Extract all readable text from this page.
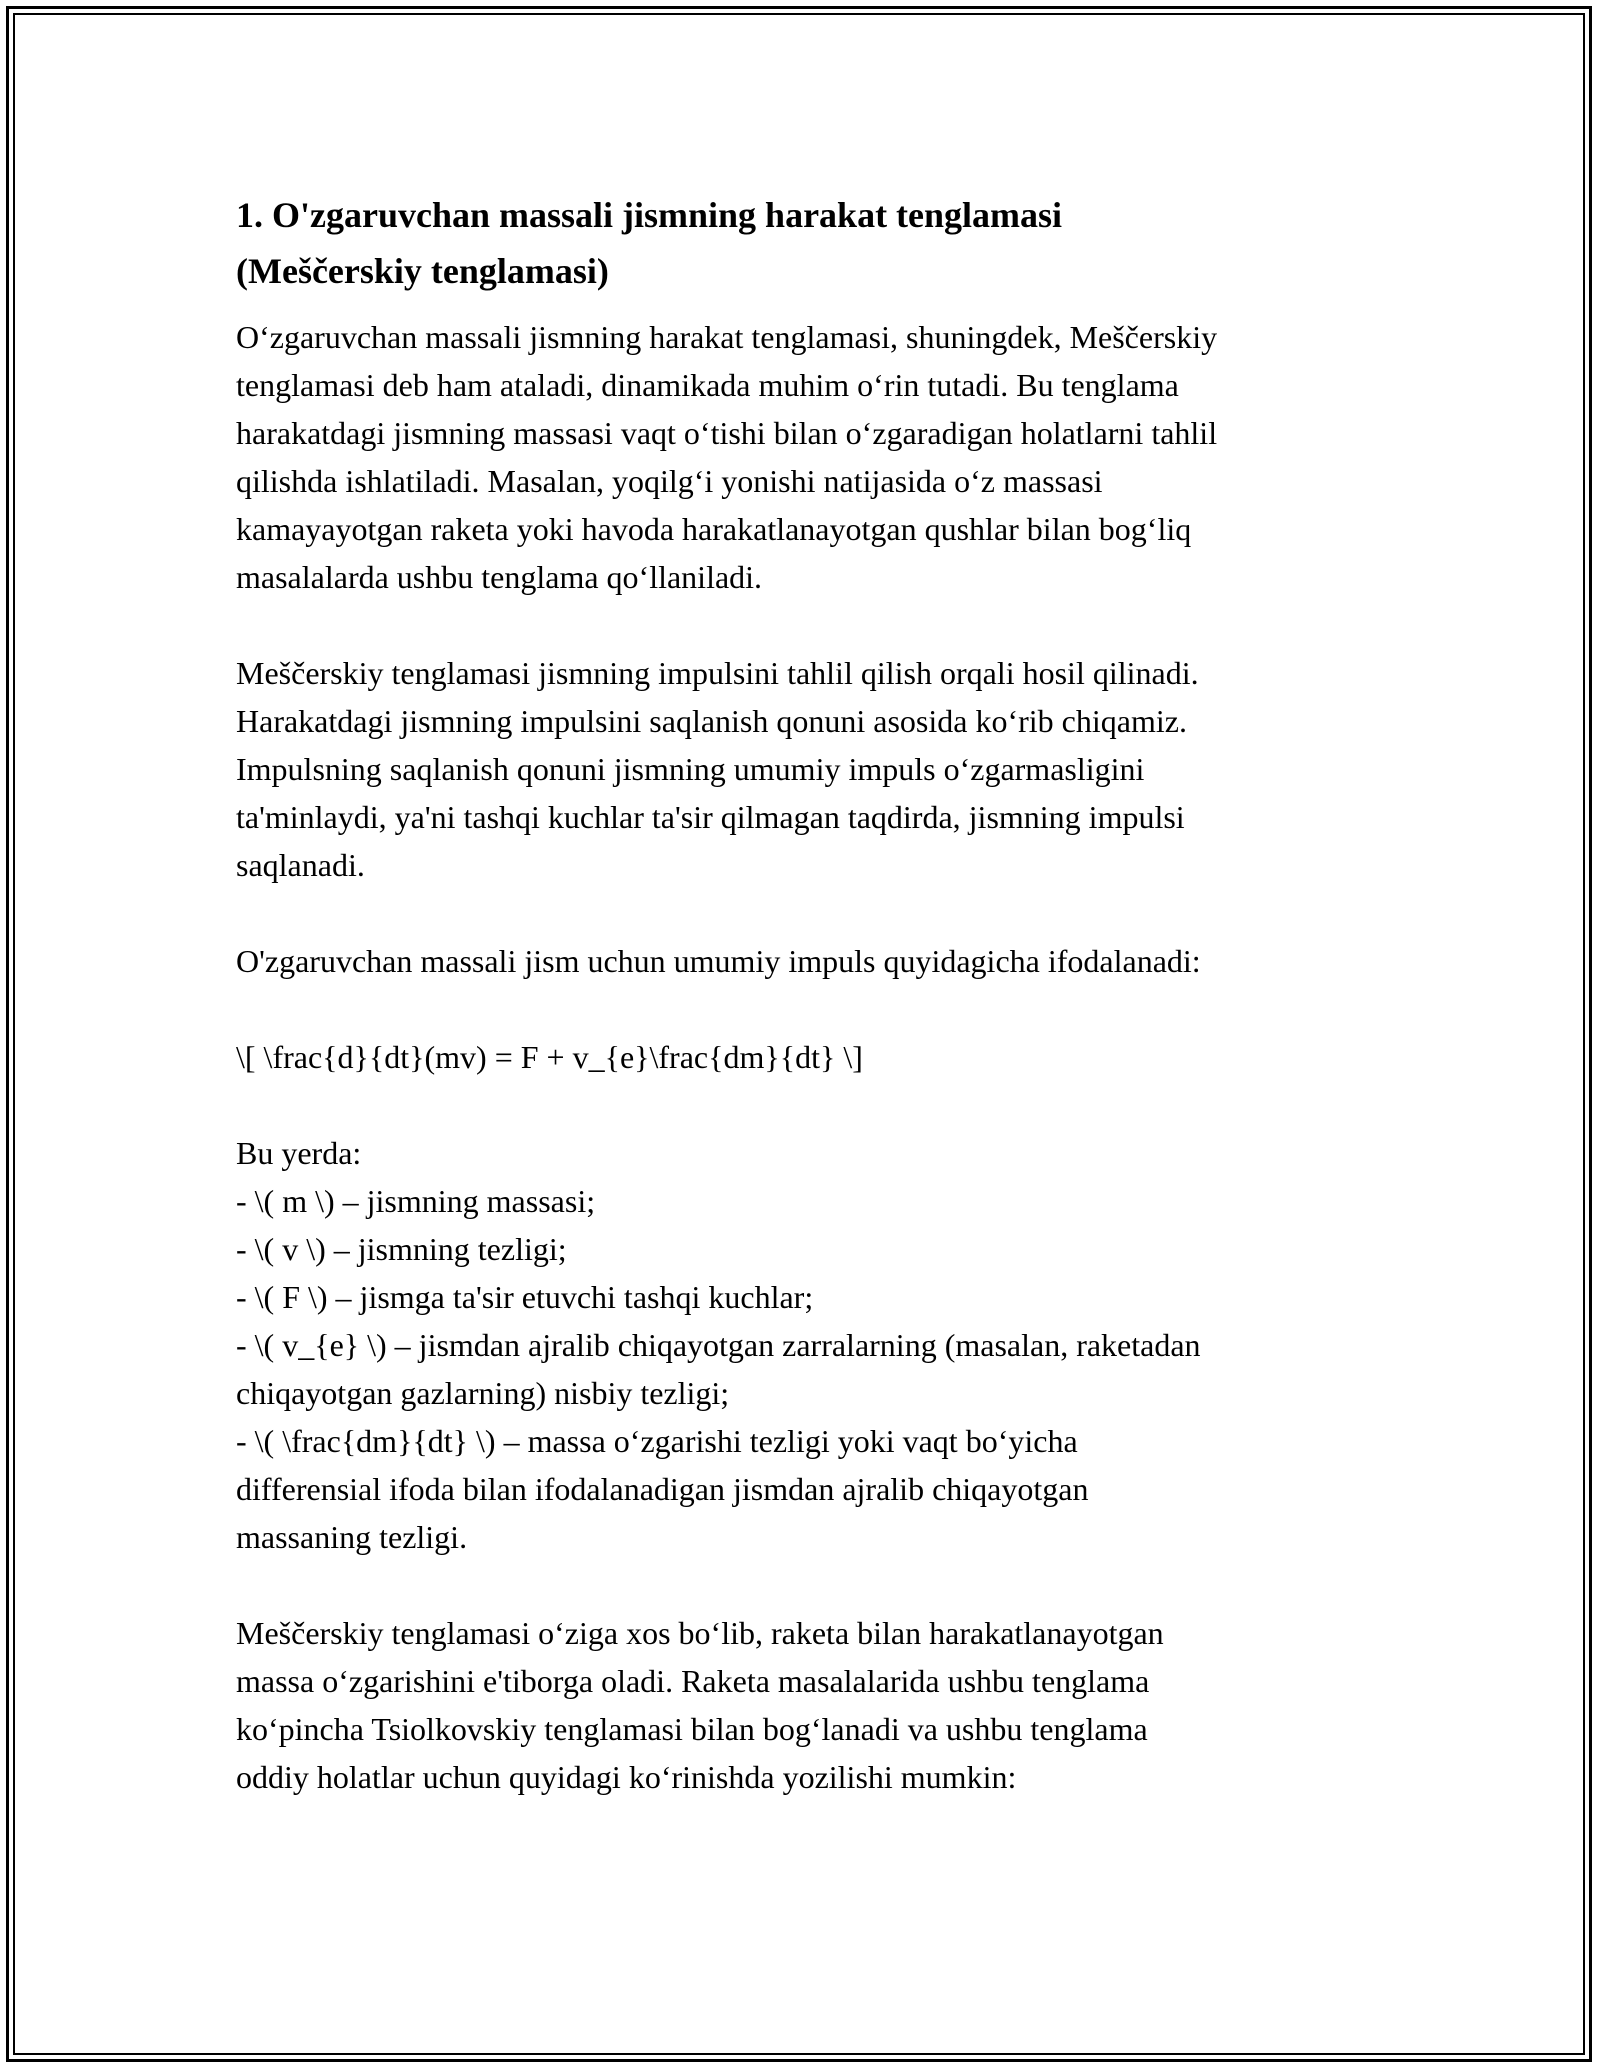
1. O'zgaruvchan massali jismning harakat tenglamasi
(Meščerskiy tenglamasi)

O‘zgaruvchan massali jismning harakat tenglamasi, shuningdek, Meščerskiy
tenglamasi deb ham ataladi, dinamikada muhim o‘rin tutadi. Bu tenglama
harakatdagi jismning massasi vaqt o‘tishi bilan o‘zgaradigan holatlarni tahlil
qilishda ishlatiladi. Masalan, yoqilg‘i yonishi natijasida o‘z massasi
kamayayotgan raketa yoki havoda harakatlanayotgan qushlar bilan bog‘liq
masalalarda ushbu tenglama qo‘llaniladi.

Meščerskiy tenglamasi jismning impulsini tahlil qilish orqali hosil qilinadi.
Harakatdagi jismning impulsini saqlanish qonuni asosida ko‘rib chiqamiz.
Impulsning saqlanish qonuni jismning umumiy impuls o‘zgarmasligini
ta'minlaydi, ya'ni tashqi kuchlar ta'sir qilmagan taqdirda, jismning impulsi
saqlanadi.

O'zgaruvchan massali jism uchun umumiy impuls quyidagicha ifodalanadi:

\[ \frac{d}{dt}(mv) = F + v_{e}\frac{dm}{dt} \]

Bu yerda:
- \( m \) – jismning massasi;
- \( v \) – jismning tezligi;
- \( F \) – jismga ta'sir etuvchi tashqi kuchlar;
- \( v_{e} \) – jismdan ajralib chiqayotgan zarralarning (masalan, raketadan
chiqayotgan gazlarning) nisbiy tezligi;
- \( \frac{dm}{dt} \) – massa o‘zgarishi tezligi yoki vaqt bo‘yicha
differensial ifoda bilan ifodalanadigan jismdan ajralib chiqayotgan
massaning tezligi.

Meščerskiy tenglamasi o‘ziga xos bo‘lib, raketa bilan harakatlanayotgan
massa o‘zgarishini e'tiborga oladi. Raketa masalalarida ushbu tenglama
ko‘pincha Tsiolkovskiy tenglamasi bilan bog‘lanadi va ushbu tenglama
oddiy holatlar uchun quyidagi ko‘rinishda yozilishi mumkin:
